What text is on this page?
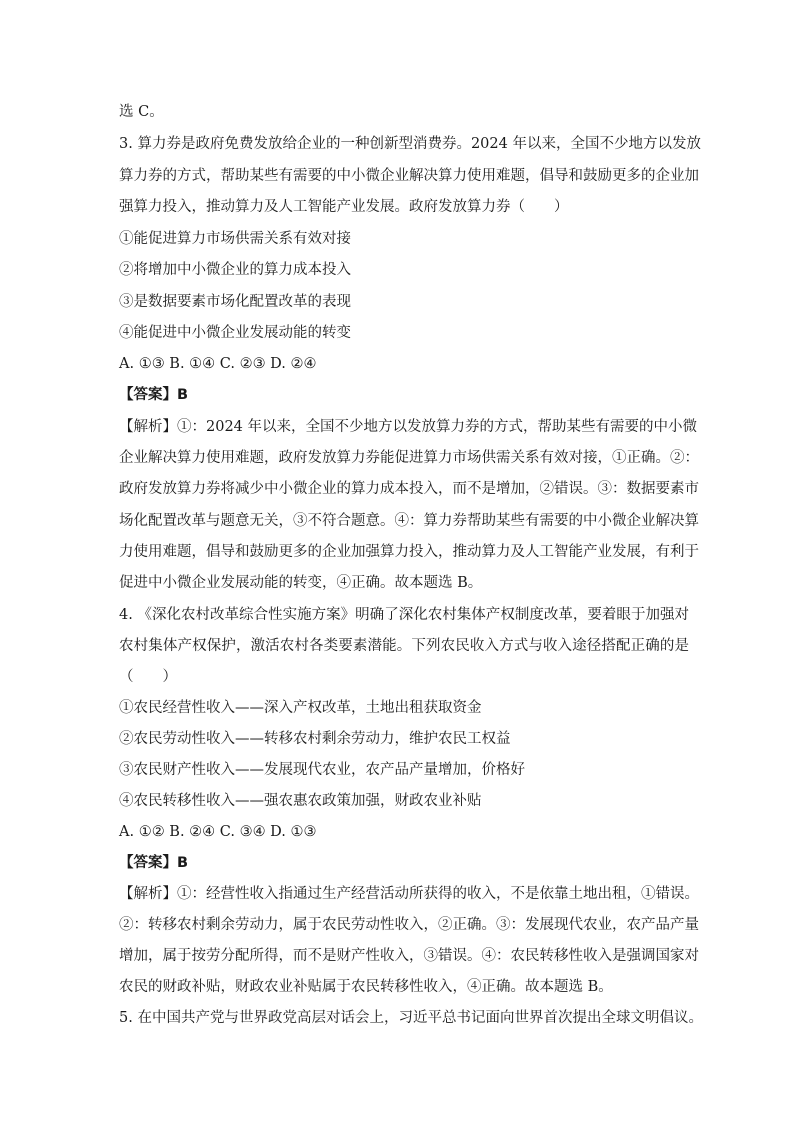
选 C。
3. 算力券是政府免费发放给企业的一种创新型消费券。2024 年以来，全国不少地方以发放
算力券的方式，帮助某些有需要的中小微企业解决算力使用难题，倡导和鼓励更多的企业加
强算力投入，推动算力及人工智能产业发展。政府发放算力券（　　）
①能促进算力市场供需关系有效对接
②将增加中小微企业的算力成本投入
③是数据要素市场化配置改革的表现
④能促进中小微企业发展动能的转变
A. ①③ B. ①④ C. ②③ D. ②④
【答案】B
【解析】①：2024 年以来，全国不少地方以发放算力券的方式，帮助某些有需要的中小微
企业解决算力使用难题，政府发放算力券能促进算力市场供需关系有效对接，①正确。②：
政府发放算力券将减少中小微企业的算力成本投入，而不是增加，②错误。③：数据要素市
场化配置改革与题意无关，③不符合题意。④：算力券帮助某些有需要的中小微企业解决算
力使用难题，倡导和鼓励更多的企业加强算力投入，推动算力及人工智能产业发展，有利于
促进中小微企业发展动能的转变，④正确。故本题选 B。
4. 《深化农村改革综合性实施方案》明确了深化农村集体产权制度改革，要着眼于加强对
农村集体产权保护，激活农村各类要素潜能。下列农民收入方式与收入途径搭配正确的是
（　　）
①农民经营性收入——深入产权改革，土地出租获取资金
②农民劳动性收入——转移农村剩余劳动力，维护农民工权益
③农民财产性收入——发展现代农业，农产品产量增加，价格好
④农民转移性收入——强农惠农政策加强，财政农业补贴
A. ①② B. ②④ C. ③④ D. ①③
【答案】B
【解析】①：经营性收入指通过生产经营活动所获得的收入，不是依靠土地出租，①错误。
②：转移农村剩余劳动力，属于农民劳动性收入，②正确。③：发展现代农业，农产品产量
增加，属于按劳分配所得，而不是财产性收入，③错误。④：农民转移性收入是强调国家对
农民的财政补贴，财政农业补贴属于农民转移性收入，④正确。故本题选 B。
5. 在中国共产党与世界政党高层对话会上，习近平总书记面向世界首次提出全球文明倡议。
